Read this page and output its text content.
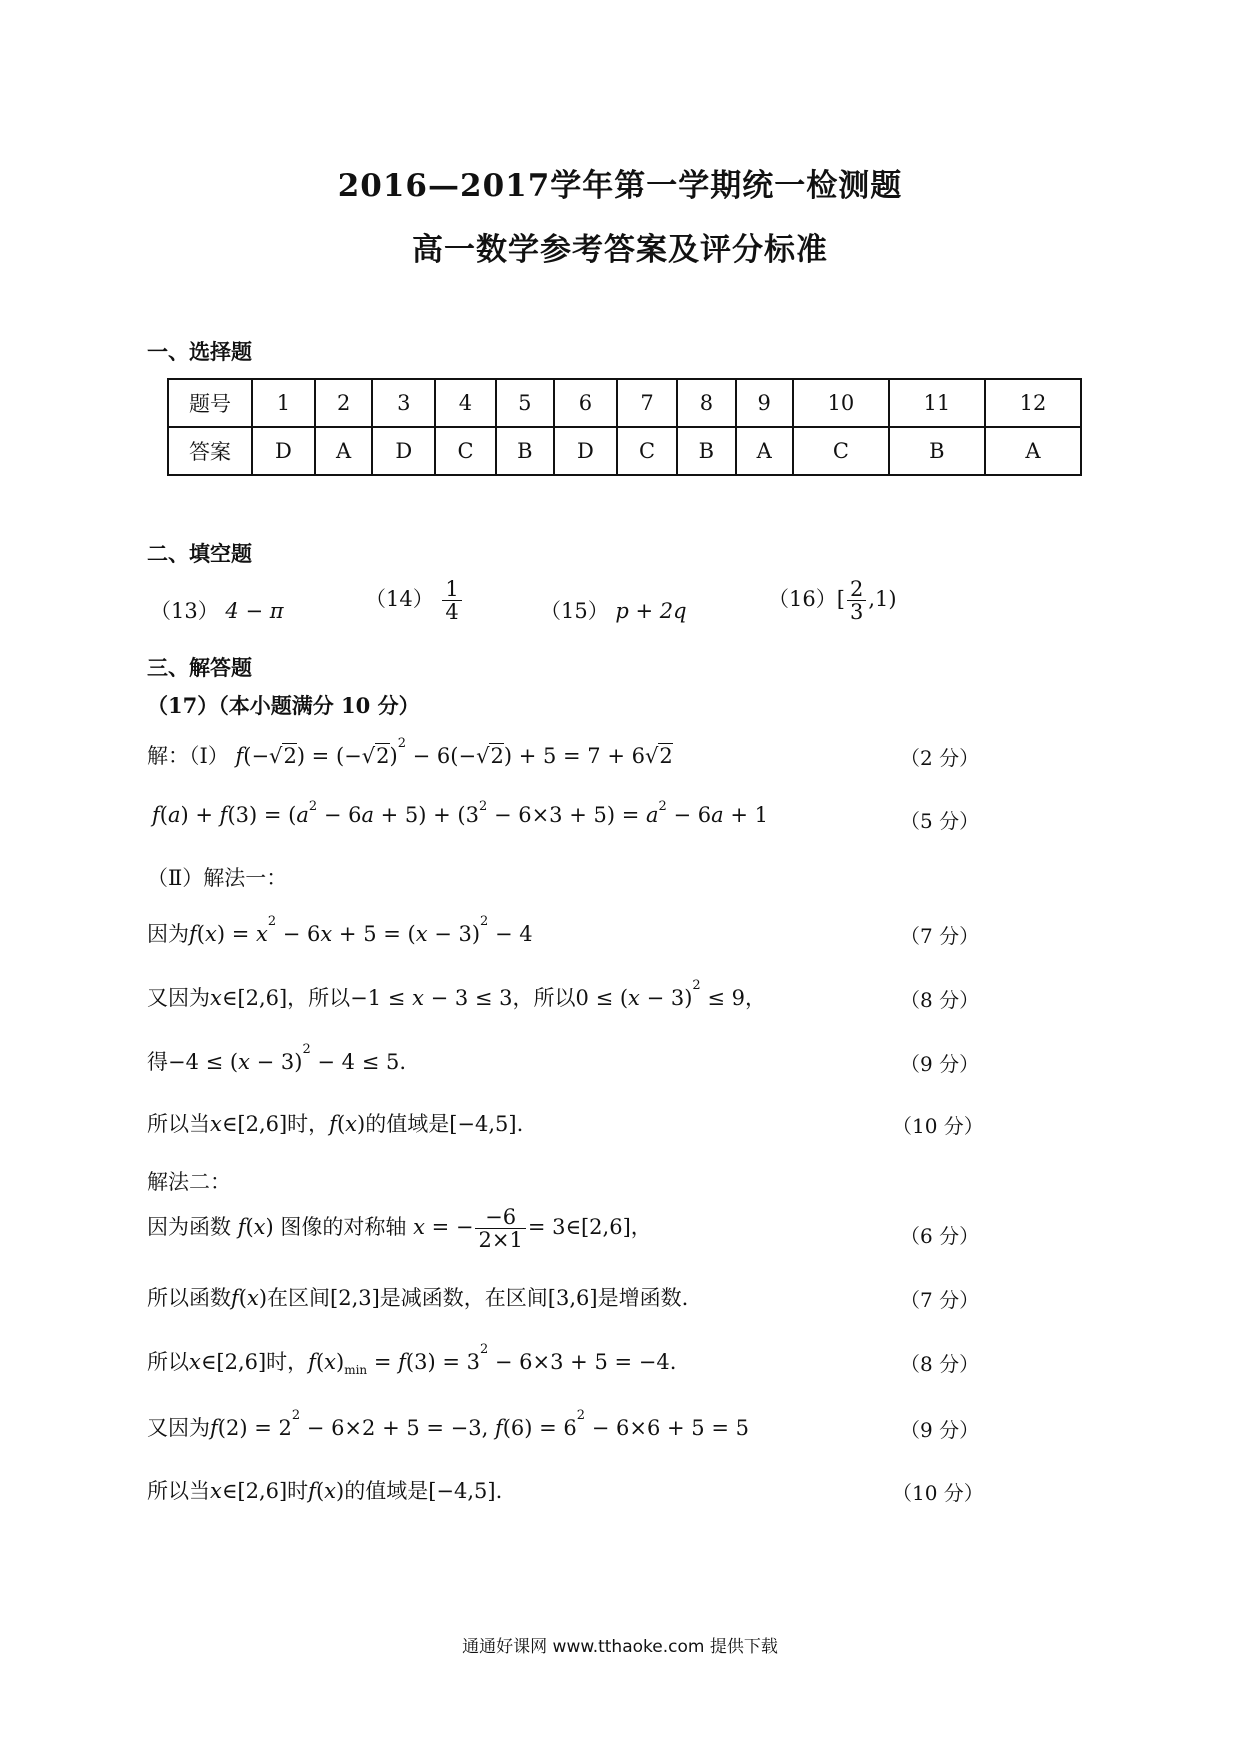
2016—2017学年第一学期统一检测题
高一数学参考答案及评分标准
一、选择题
题号	1	2	3	4	5	6	7	8	9	10	11	12
答案	D	A	D	C	B	D	C	B	A	C	B	A
二、填空题
（13） 4 − π	$(14) \frac{1}{4}$	（15） p + 2q	$(16)[ \frac{2}{3} ,1)$
三、解答题
（17）（本小题满分 10 分）
解：（Ⅰ） $f(-√2) = (-√2)^2 - 6(-√2) + 5 = 7 + 6√2$	（2 分）
$f(a) + f(3) = (a^2 - 6a + 5) + (3^2 - 6\times 3 + 5) = a^2 - 6a + 1$	（5 分）
（Ⅱ）解法一：
因为$f(x) = x^2 - 6x + 5 = (x - 3)^2 - 4$	（7 分）
又因为x∈[2,6]，所以−1 ≤ x − 3 ≤ 3，所以$0 \le (x - 3)^2 \le 9$，	（8 分）
得$-4 \le (x - 3)^2 - 4 \le 5$.	（9 分）
所以当x∈[2,6]时，f(x)的值域是[−4,5].	（10 分）
解法二：
因为函数 f(x) 图像的对称轴 x = − $\frac{-6}{2\times 1}$ = 3∈[2,6]，	（6 分）
所以函数f(x)在区间[2,3]是减函数，在区间[3,6]是增函数.	（7 分）
所以x∈[2,6]时，$f(x)_{min} = f(3) = 3^2 - 6\times 3 + 5 = -4$.	（8 分）
又因为$f(2) = 2^2 - 6\times 2 + 5 = -3$, $f(6) = 6^2 - 6\times 6 + 5 = 5$	（9 分）
所以当x∈[2,6]时f(x)的值域是[−4,5].	（10 分）
通通好课网 www.tthaoke.com 提供下载
